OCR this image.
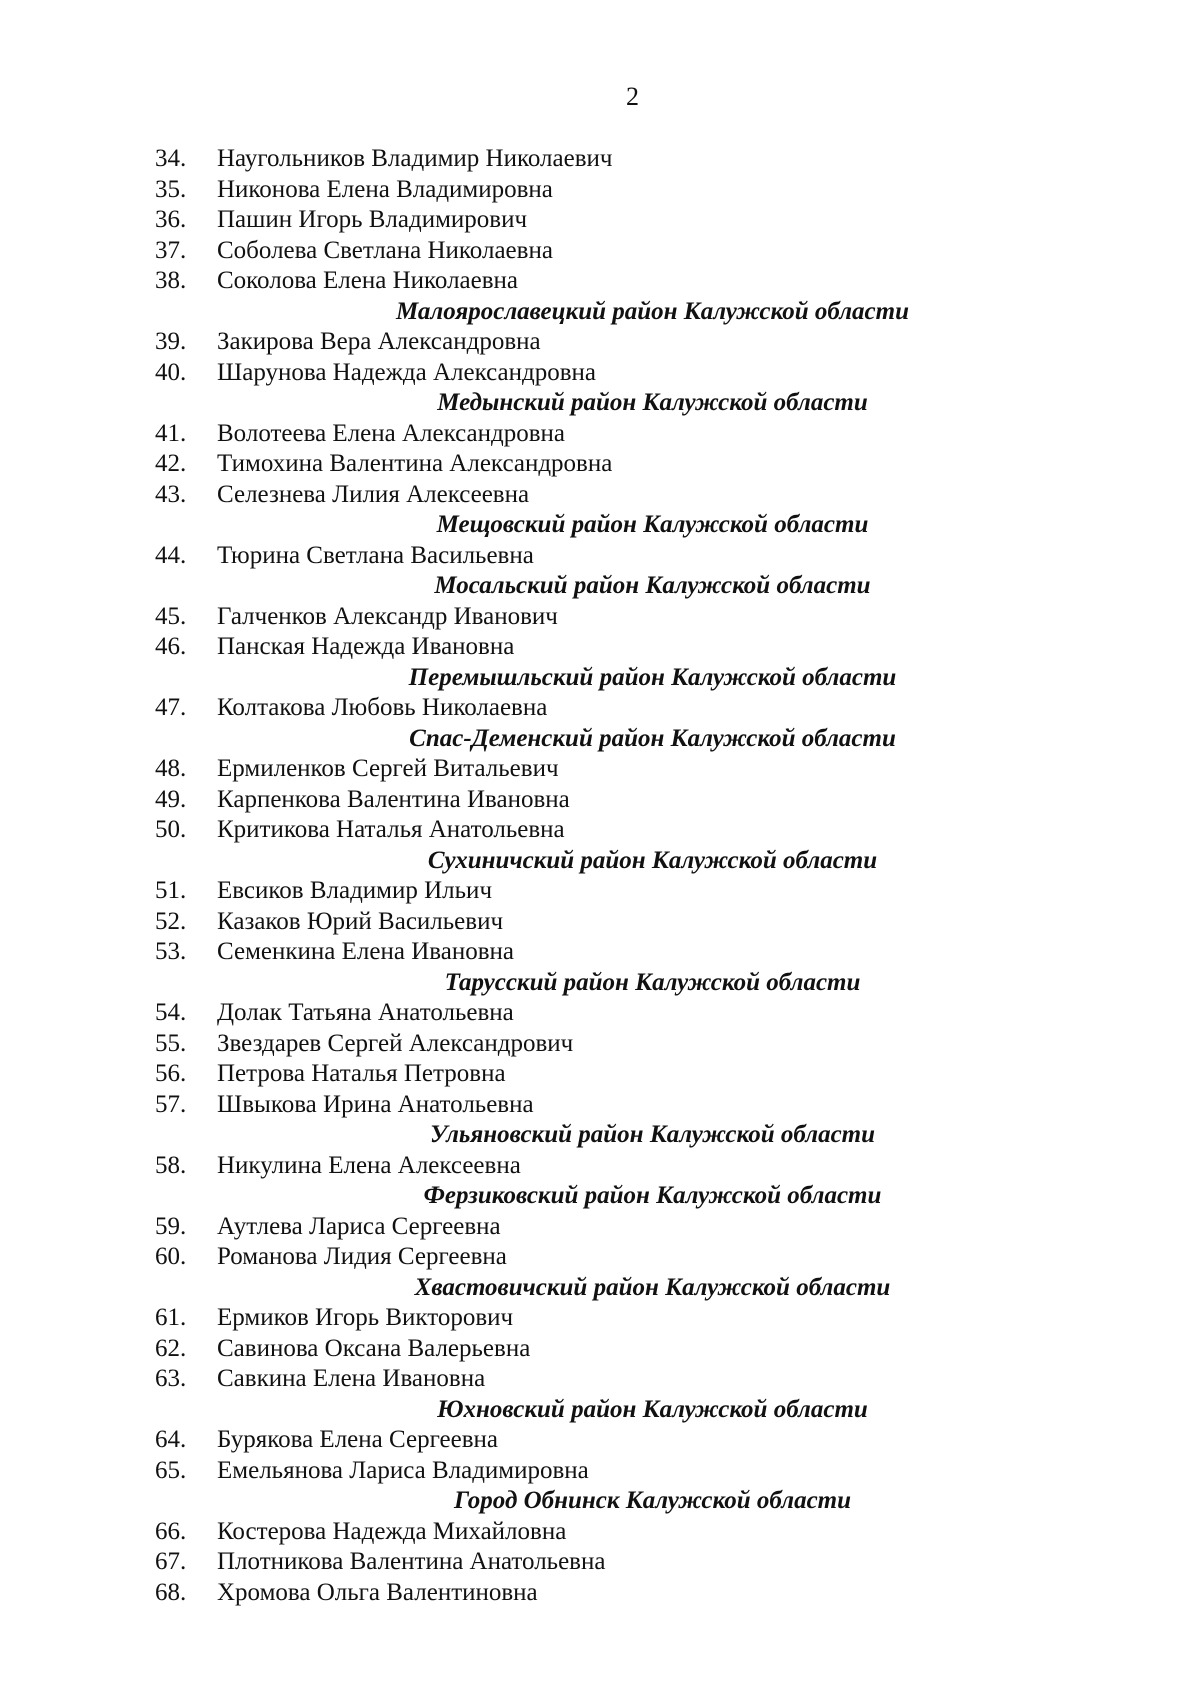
2
34.	Наугольников Владимир Николаевич
35.	Никонова Елена Владимировна
36.	Пашин Игорь Владимирович
37.	Соболева Светлана Николаевна
38.	Соколова Елена Николаевна
Малоярославецкий район Калужской области
39.	Закирова Вера Александровна
40.	Шарунова Надежда Александровна
Медынский район Калужской области
41.	Волотеева Елена Александровна
42.	Тимохина Валентина Александровна
43.	Селезнева Лилия Алексеевна
Мещовский район Калужской области
44.	Тюрина Светлана Васильевна
Мосальский район Калужской области
45.	Галченков Александр Иванович
46.	Панская Надежда Ивановна
Перемышльский район Калужской области
47.	Колтакова Любовь Николаевна
Спас-Деменский район Калужской области
48.	Ермиленков Сергей Витальевич
49.	Карпенкова Валентина Ивановна
50.	Критикова Наталья Анатольевна
Сухиничский район Калужской области
51.	Евсиков Владимир Ильич
52.	Казаков Юрий Васильевич
53.	Семенкина Елена Ивановна
Тарусский район Калужской области
54.	Долак Татьяна Анатольевна
55.	Звездарев Сергей Александрович
56.	Петрова Наталья Петровна
57.	Швыкова Ирина Анатольевна
Ульяновский район Калужской области
58.	Никулина Елена Алексеевна
Ферзиковский район Калужской области
59.	Аутлева Лариса Сергеевна
60.	Романова Лидия Сергеевна
Хвастовичский район Калужской области
61.	Ермиков Игорь Викторович
62.	Савинова Оксана Валерьевна
63.	Савкина Елена Ивановна
Юхновский район Калужской области
64.	Бурякова Елена Сергеевна
65.	Емельянова Лариса Владимировна
Город Обнинск Калужской области
66.	Костерова Надежда Михайловна
67.	Плотникова Валентина Анатольевна
68.	Хромова Ольга Валентиновна
